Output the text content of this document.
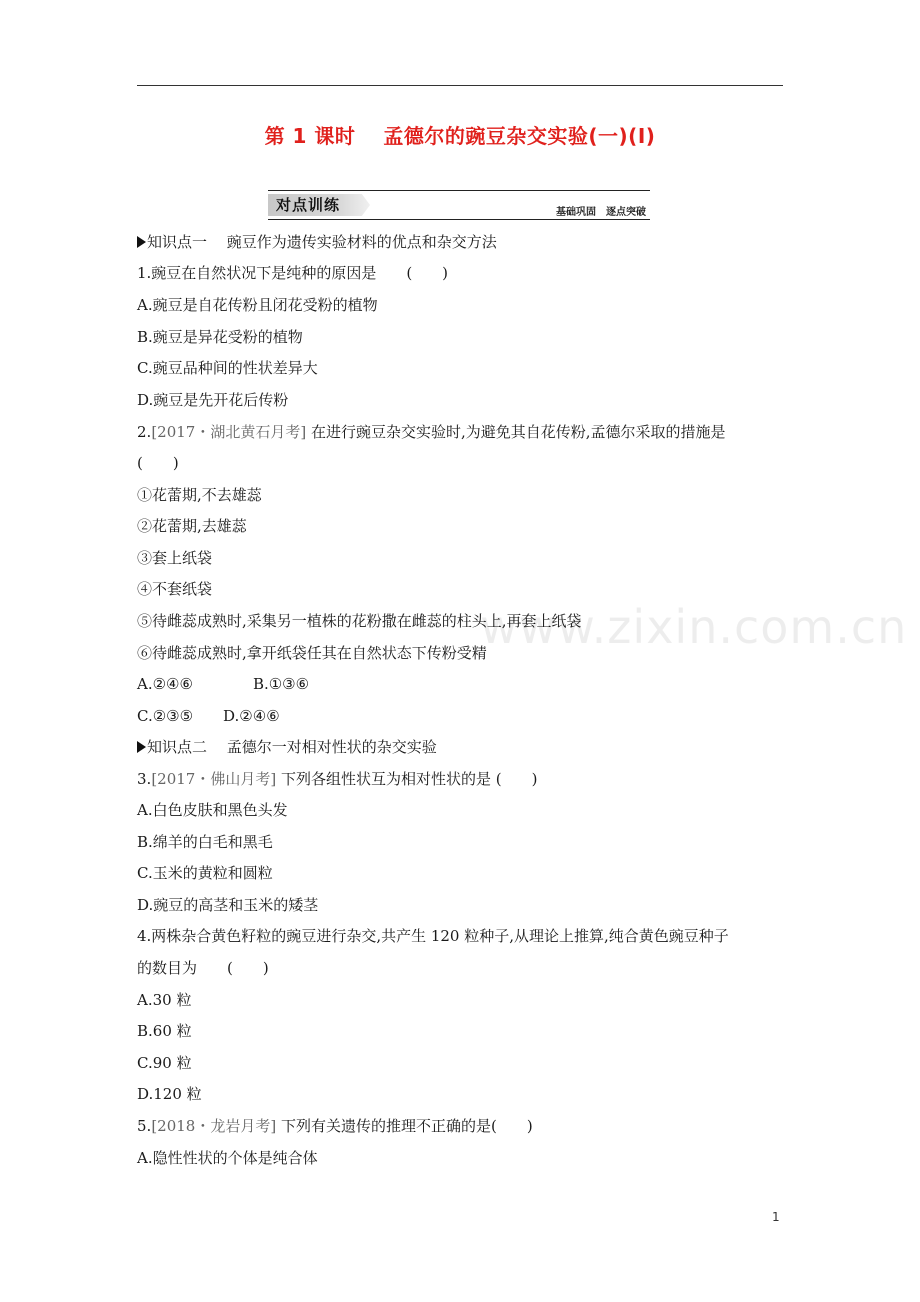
第 1 课时　 孟德尔的豌豆杂交实验(一)(Ⅰ)
对点训练	基础巩固　逐点突破
知识点一　 豌豆作为遗传实验材料的优点和杂交方法
1.豌豆在自然状况下是纯种的原因是　　(　　)
A.豌豆是自花传粉且闭花受粉的植物
B.豌豆是异花受粉的植物
C.豌豆品种间的性状差异大
D.豌豆是先开花后传粉
2.[2017・湖北黄石月考] 在进行豌豆杂交实验时,为避免其自花传粉,孟德尔采取的措施是
(　　)
①花蕾期,不去雄蕊
②花蕾期,去雄蕊
③套上纸袋
④不套纸袋
⑤待雌蕊成熟时,采集另一植株的花粉撒在雌蕊的柱头上,再套上纸袋
⑥待雌蕊成熟时,拿开纸袋任其在自然状态下传粉受精
A.②④⑥　　　　B.①③⑥
C.②③⑤　　D.②④⑥
知识点二　 孟德尔一对相对性状的杂交实验
3.[2017・佛山月考] 下列各组性状互为相对性状的是 (　　)
A.白色皮肤和黑色头发
B.绵羊的白毛和黑毛
C.玉米的黄粒和圆粒
D.豌豆的高茎和玉米的矮茎
4.两株杂合黄色籽粒的豌豆进行杂交,共产生 120 粒种子,从理论上推算,纯合黄色豌豆种子
的数目为　　(　　)
A.30 粒
B.60 粒
C.90 粒
D.120 粒
5.[2018・龙岩月考] 下列有关遗传的推理不正确的是(　　)
A.隐性性状的个体是纯合体
www.zixin.com.cn
1
